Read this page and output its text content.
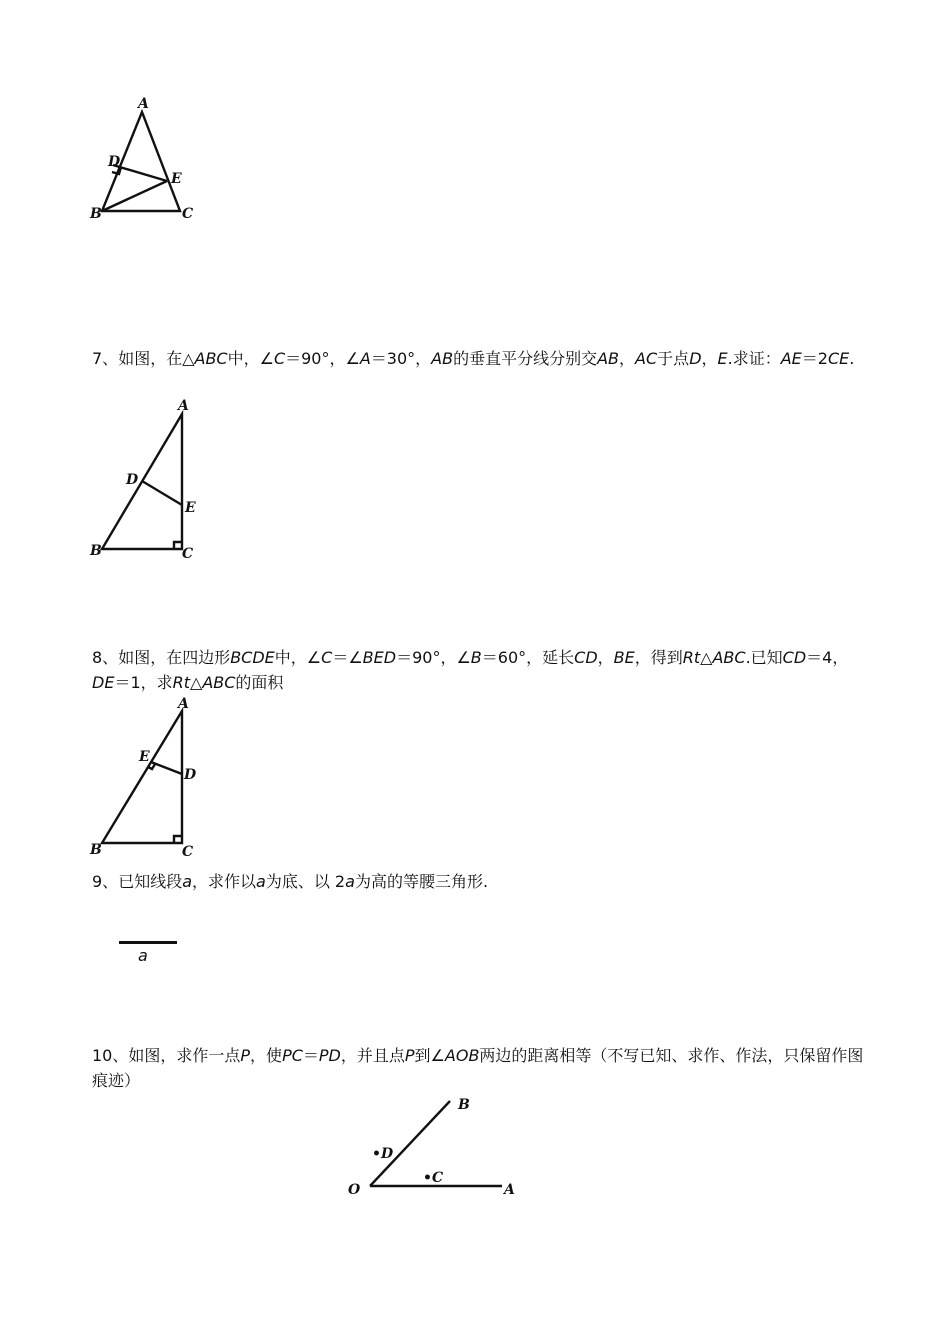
A
B	C
D
E
7、如图，在△ABC中，∠C＝90°，∠A＝30°，AB的垂直平分线分别交AB，AC于点D，E.求证：AE＝2CE.
A
B	C
D
E
8、如图，在四边形BCDE中，∠C＝∠BED＝90°，∠B＝60°，延长CD，BE，得到Rt△ABC.已知CD＝4，DE＝1，求Rt△ABC的面积
A
B	C
D
E
9、已知线段a，求作以a为底、以 2a为高的等腰三角形.
a
10、如图，求作一点P，使PC＝PD，并且点P到∠AOB两边的距离相等（不写已知、求作、作法，只保留作图痕迹）
O	A
B
•D
•C
